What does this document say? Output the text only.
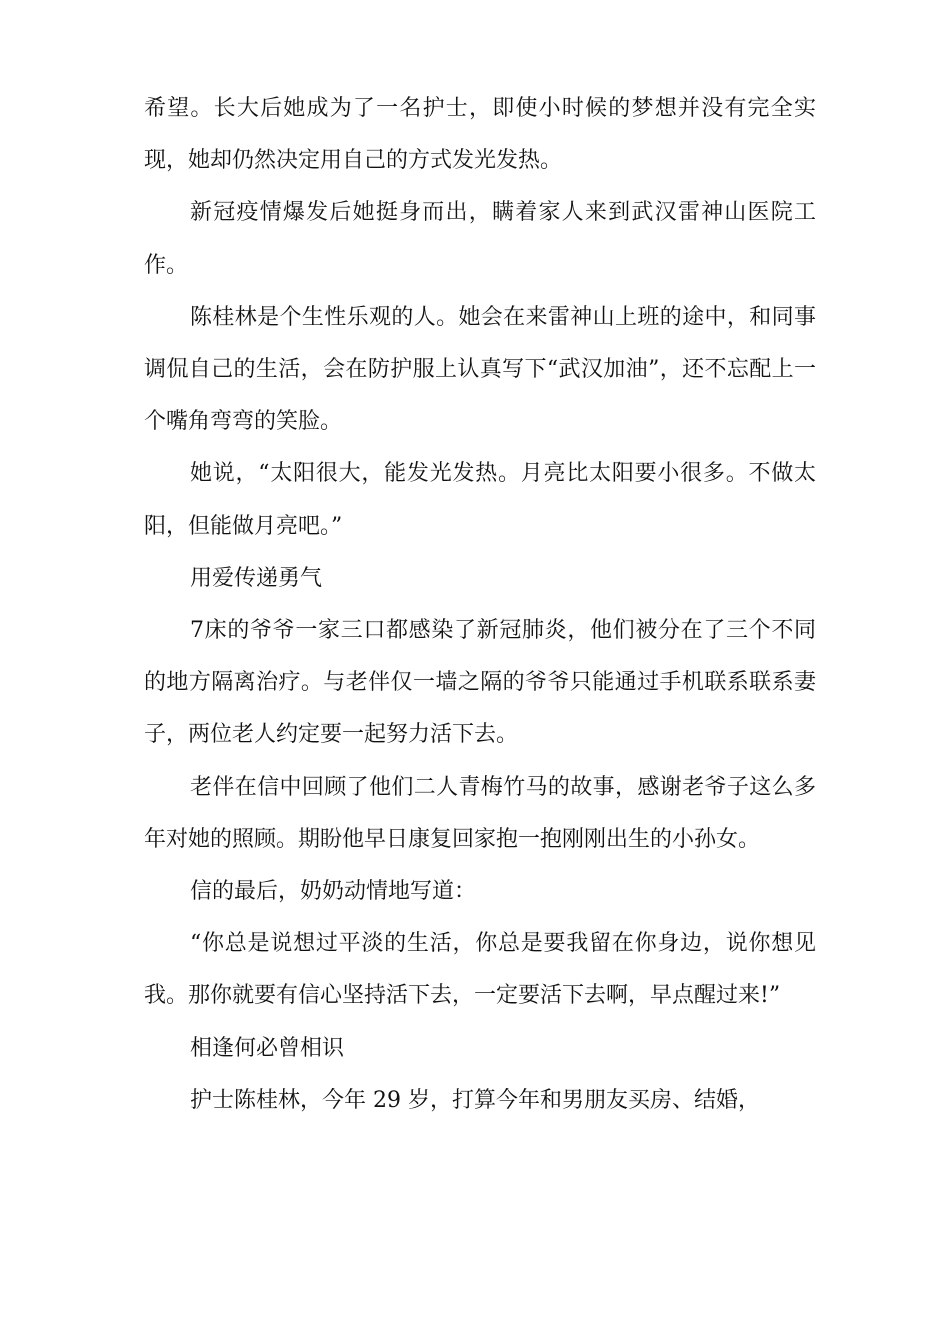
希望。长大后她成为了一名护士，即使小时候的梦想并没有完全实现，她却仍然决定用自己的方式发光发热。

新冠疫情爆发后她挺身而出，瞒着家人来到武汉雷神山医院工作。

陈桂林是个生性乐观的人。她会在来雷神山上班的途中，和同事调侃自己的生活，会在防护服上认真写下“武汉加油”，还不忘配上一个嘴角弯弯的笑脸。

她说，“太阳很大，能发光发热。月亮比太阳要小很多。不做太阳，但能做月亮吧。”

用爱传递勇气

7床的爷爷一家三口都感染了新冠肺炎，他们被分在了三个不同的地方隔离治疗。与老伴仅一墙之隔的爷爷只能通过手机联系联系妻子，两位老人约定要一起努力活下去。

老伴在信中回顾了他们二人青梅竹马的故事，感谢老爷子这么多年对她的照顾。期盼他早日康复回家抱一抱刚刚出生的小孙女。

信的最后，奶奶动情地写道：

“你总是说想过平淡的生活，你总是要我留在你身边，说你想见我。那你就要有信心坚持活下去，一定要活下去啊，早点醒过来!”

相逢何必曾相识

护士陈桂林，今年 29 岁，打算今年和男朋友买房、结婚，
